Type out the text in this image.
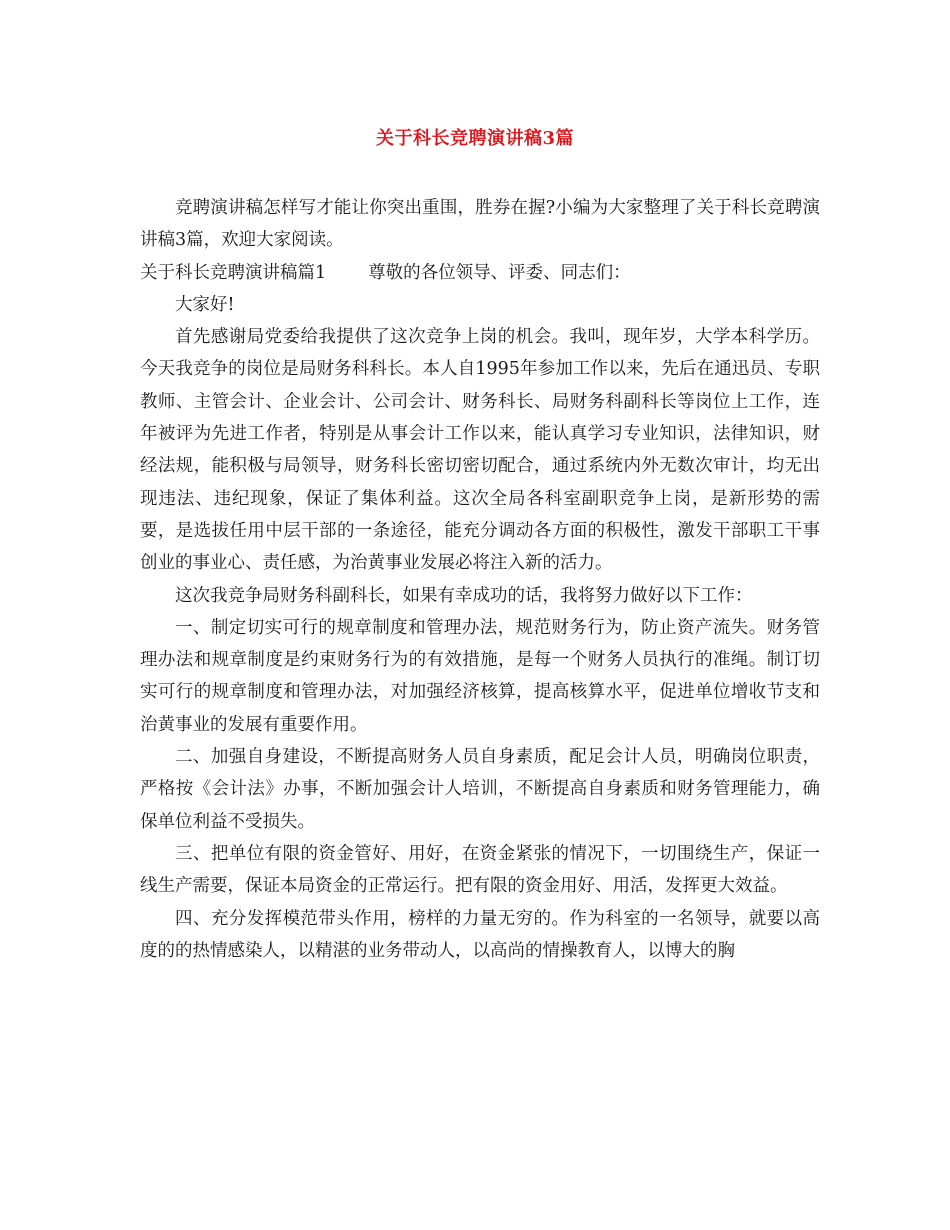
关于科长竞聘演讲稿3篇

竞聘演讲稿怎样写才能让你突出重围，胜券在握?小编为大家整理了关于科长竞聘演讲稿3篇，欢迎大家阅读。

关于科长竞聘演讲稿篇1 尊敬的各位领导、评委、同志们：

大家好!

首先感谢局党委给我提供了这次竞争上岗的机会。我叫，现年岁，大学本科学历。今天我竞争的岗位是局财务科科长。本人自1995年参加工作以来，先后在通迅员、专职教师、主管会计、企业会计、公司会计、财务科长、局财务科副科长等岗位上工作，连年被评为先进工作者，特别是从事会计工作以来，能认真学习专业知识，法律知识，财经法规，能积极与局领导，财务科长密切密切配合，通过系统内外无数次审计，均无出现违法、违纪现象，保证了集体利益。这次全局各科室副职竞争上岗，是新形势的需要，是选拔任用中层干部的一条途径，能充分调动各方面的积极性，激发干部职工干事创业的事业心、责任感，为治黄事业发展必将注入新的活力。

这次我竞争局财务科副科长，如果有幸成功的话，我将努力做好以下工作：

一、制定切实可行的规章制度和管理办法，规范财务行为，防止资产流失。财务管理办法和规章制度是约束财务行为的有效措施，是每一个财务人员执行的准绳。制订切实可行的规章制度和管理办法，对加强经济核算，提高核算水平，促进单位增收节支和治黄事业的发展有重要作用。

二、加强自身建设，不断提高财务人员自身素质，配足会计人员，明确岗位职责，严格按《会计法》办事，不断加强会计人培训，不断提高自身素质和财务管理能力，确保单位利益不受损失。

三、把单位有限的资金管好、用好，在资金紧张的情况下，一切围绕生产，保证一线生产需要，保证本局资金的正常运行。把有限的资金用好、用活，发挥更大效益。

四、充分发挥模范带头作用，榜样的力量无穷的。作为科室的一名领导，就要以高度的的热情感染人，以精湛的业务带动人，以高尚的情操教育人，以博大的胸
